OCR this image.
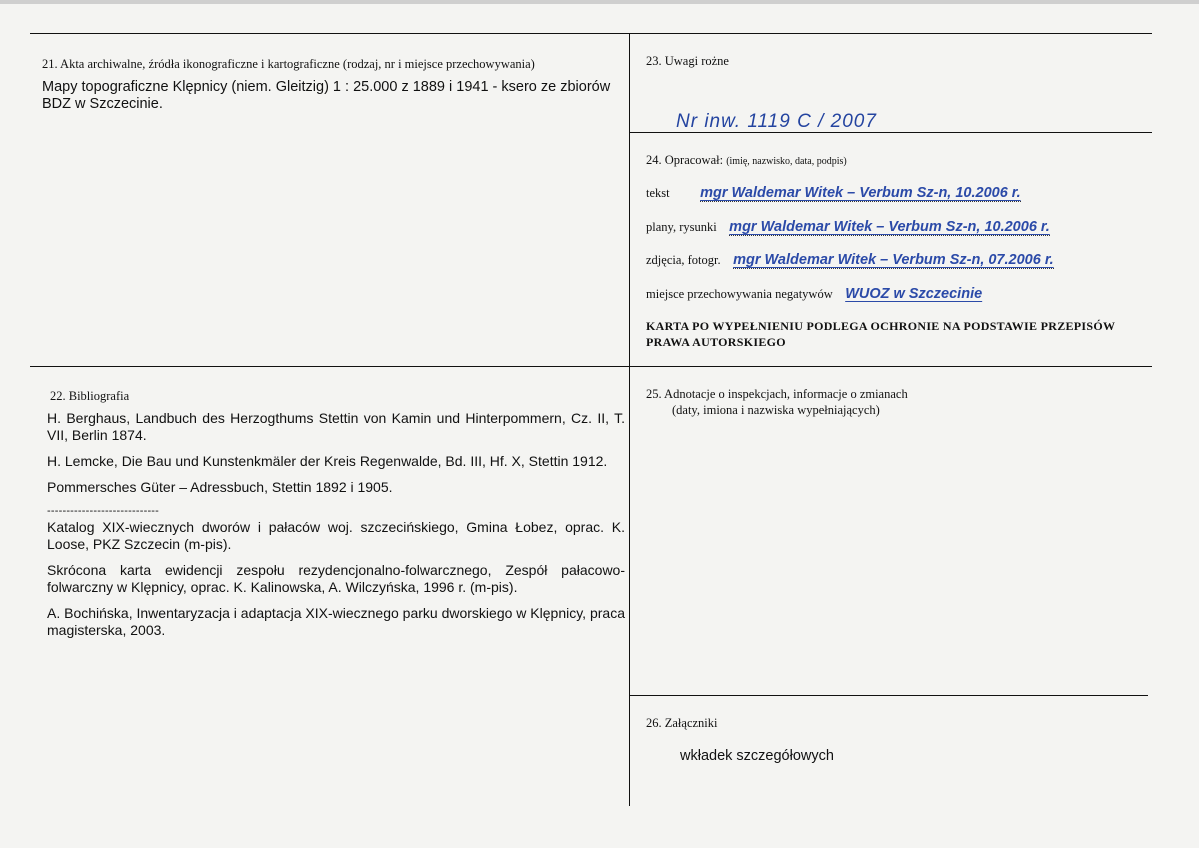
21. Akta archiwalne, źródła ikonograficzne i kartograficzne (rodzaj, nr i miejsce przechowywania)
Mapy topograficzne Klępnicy (niem. Gleitzig) 1 : 25.000 z 1889 i 1941 - ksero ze zbiorów BDZ w Szczecinie.
23. Uwagi rożne
Nr inw. 1119 C / 2007
24. Opracował: (imię, nazwisko, data, podpis)
tekst mgr Waldemar Witek – Verbum Sz-n, 10.2006 r.
plany, rysunki mgr Waldemar Witek – Verbum Sz-n, 10.2006 r.
zdjęcia, fotogr. mgr Waldemar Witek – Verbum Sz-n, 07.2006 r.
miejsce przechowywania negatywów WUOZ w Szczecinie
KARTA PO WYPEŁNIENIU PODLEGA OCHRONIE NA PODSTAWIE PRZEPISÓW PRAWA AUTORSKIEGO
22. Bibliografia
H. Berghaus, Landbuch des Herzogthums Stettin von Kamin und Hinterpommern, Cz. II, T. VII, Berlin 1874.
H. Lemcke, Die Bau und Kunstenkmäler der Kreis Regenwalde, Bd. III, Hf. X, Stettin 1912.
Pommersches Güter – Adressbuch, Stettin 1892 i 1905.
-----------------------------
Katalog XIX-wiecznych dworów i pałaców woj. szczecińskiego, Gmina Łobez, oprac. K. Loose, PKZ Szczecin (m-pis).
Skrócona karta ewidencji zespołu rezydencjonalno-folwarcznego, Zespół pałacowo-folwarczny w Klępnicy, oprac. K. Kalinowska, A. Wilczyńska, 1996 r. (m-pis).
A. Bochińska, Inwentaryzacja i adaptacja XIX-wiecznego parku dworskiego w Klępnicy, praca magisterska, 2003.
25. Adnotacje o inspekcjach, informacje o zmianach
(daty, imiona i nazwiska wypełniających)
26. Załączniki
wkładek szczegółowych
